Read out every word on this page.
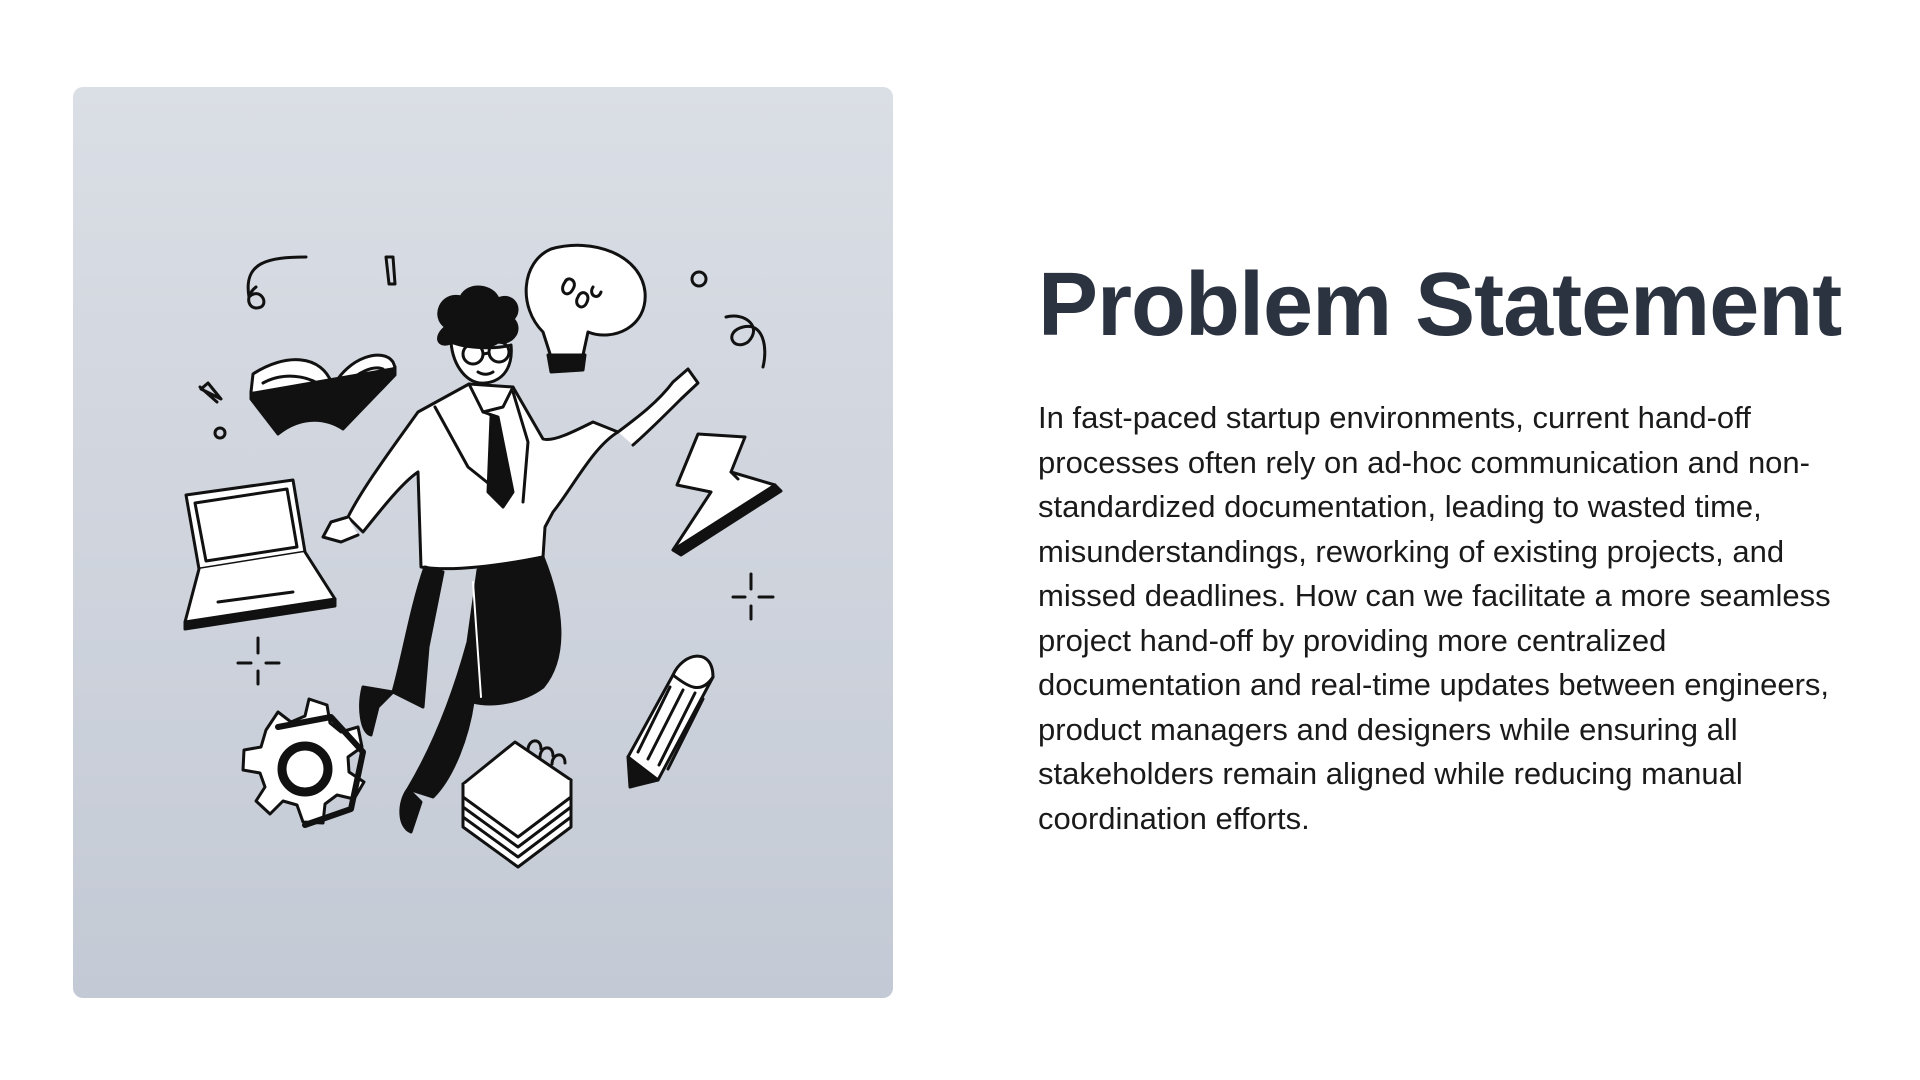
Problem Statement

In fast-paced startup environments, current hand-off processes often rely on ad-hoc communication and non-standardized documentation, leading to wasted time, misunderstandings, reworking of existing projects, and missed deadlines. How can we facilitate a more seamless project hand-off by providing more centralized documentation and real-time updates between engineers, product managers and designers while ensuring all stakeholders remain aligned while reducing manual coordination efforts.
